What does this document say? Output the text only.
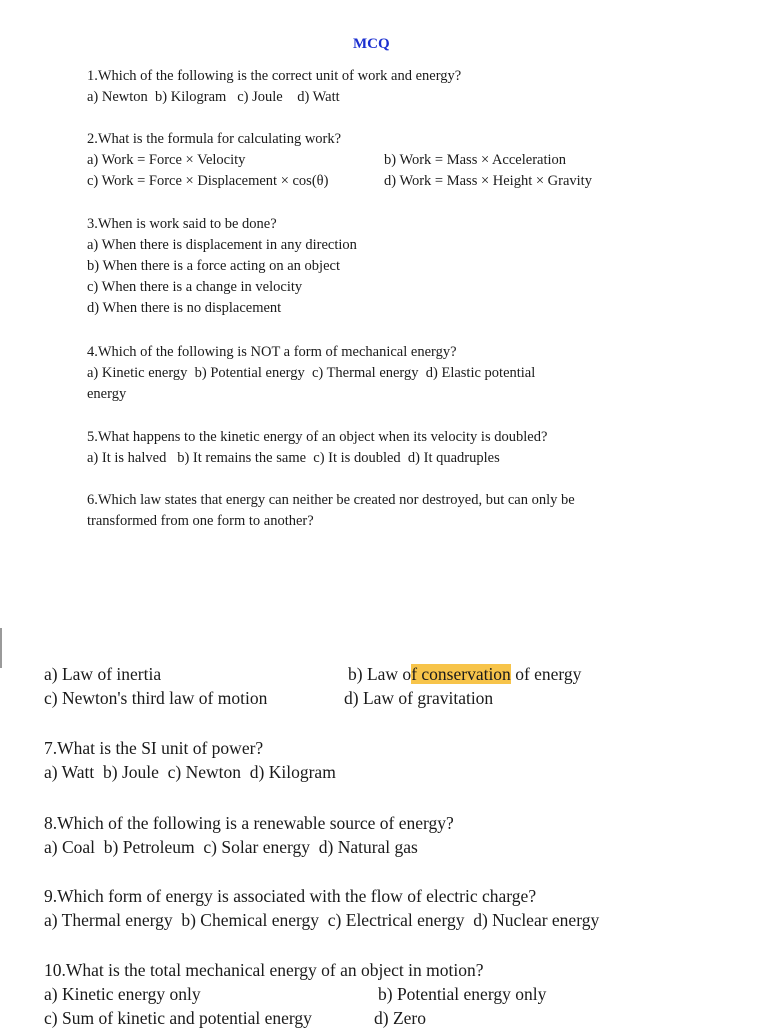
MCQ
1.Which of the following is the correct unit of work and energy?
a) Newton  b) Kilogram   c) Joule    d) Watt
2.What is the formula for calculating work?
a) Work = Force × Velocity	b) Work = Mass × Acceleration
c) Work = Force × Displacement × cos(θ)	d) Work = Mass × Height × Gravity
3.When is work said to be done?
a) When there is displacement in any direction
b) When there is a force acting on an object
c) When there is a change in velocity
d) When there is no displacement
4.Which of the following is NOT a form of mechanical energy?
a) Kinetic energy  b) Potential energy  c) Thermal energy  d) Elastic potential
energy
5.What happens to the kinetic energy of an object when its velocity is doubled?
a) It is halved   b) It remains the same  c) It is doubled  d) It quadruples
6.Which law states that energy can neither be created nor destroyed, but can only be
transformed from one form to another?
a) Law of inertia	b) Law of conservation of energy
c) Newton's third law of motion	d) Law of gravitation
7.What is the SI unit of power?
a) Watt  b) Joule  c) Newton  d) Kilogram
8.Which of the following is a renewable source of energy?
a) Coal  b) Petroleum  c) Solar energy  d) Natural gas
9.Which form of energy is associated with the flow of electric charge?
a) Thermal energy  b) Chemical energy  c) Electrical energy  d) Nuclear energy
10.What is the total mechanical energy of an object in motion?
a) Kinetic energy only	b) Potential energy only
c) Sum of kinetic and potential energy	d) Zero
